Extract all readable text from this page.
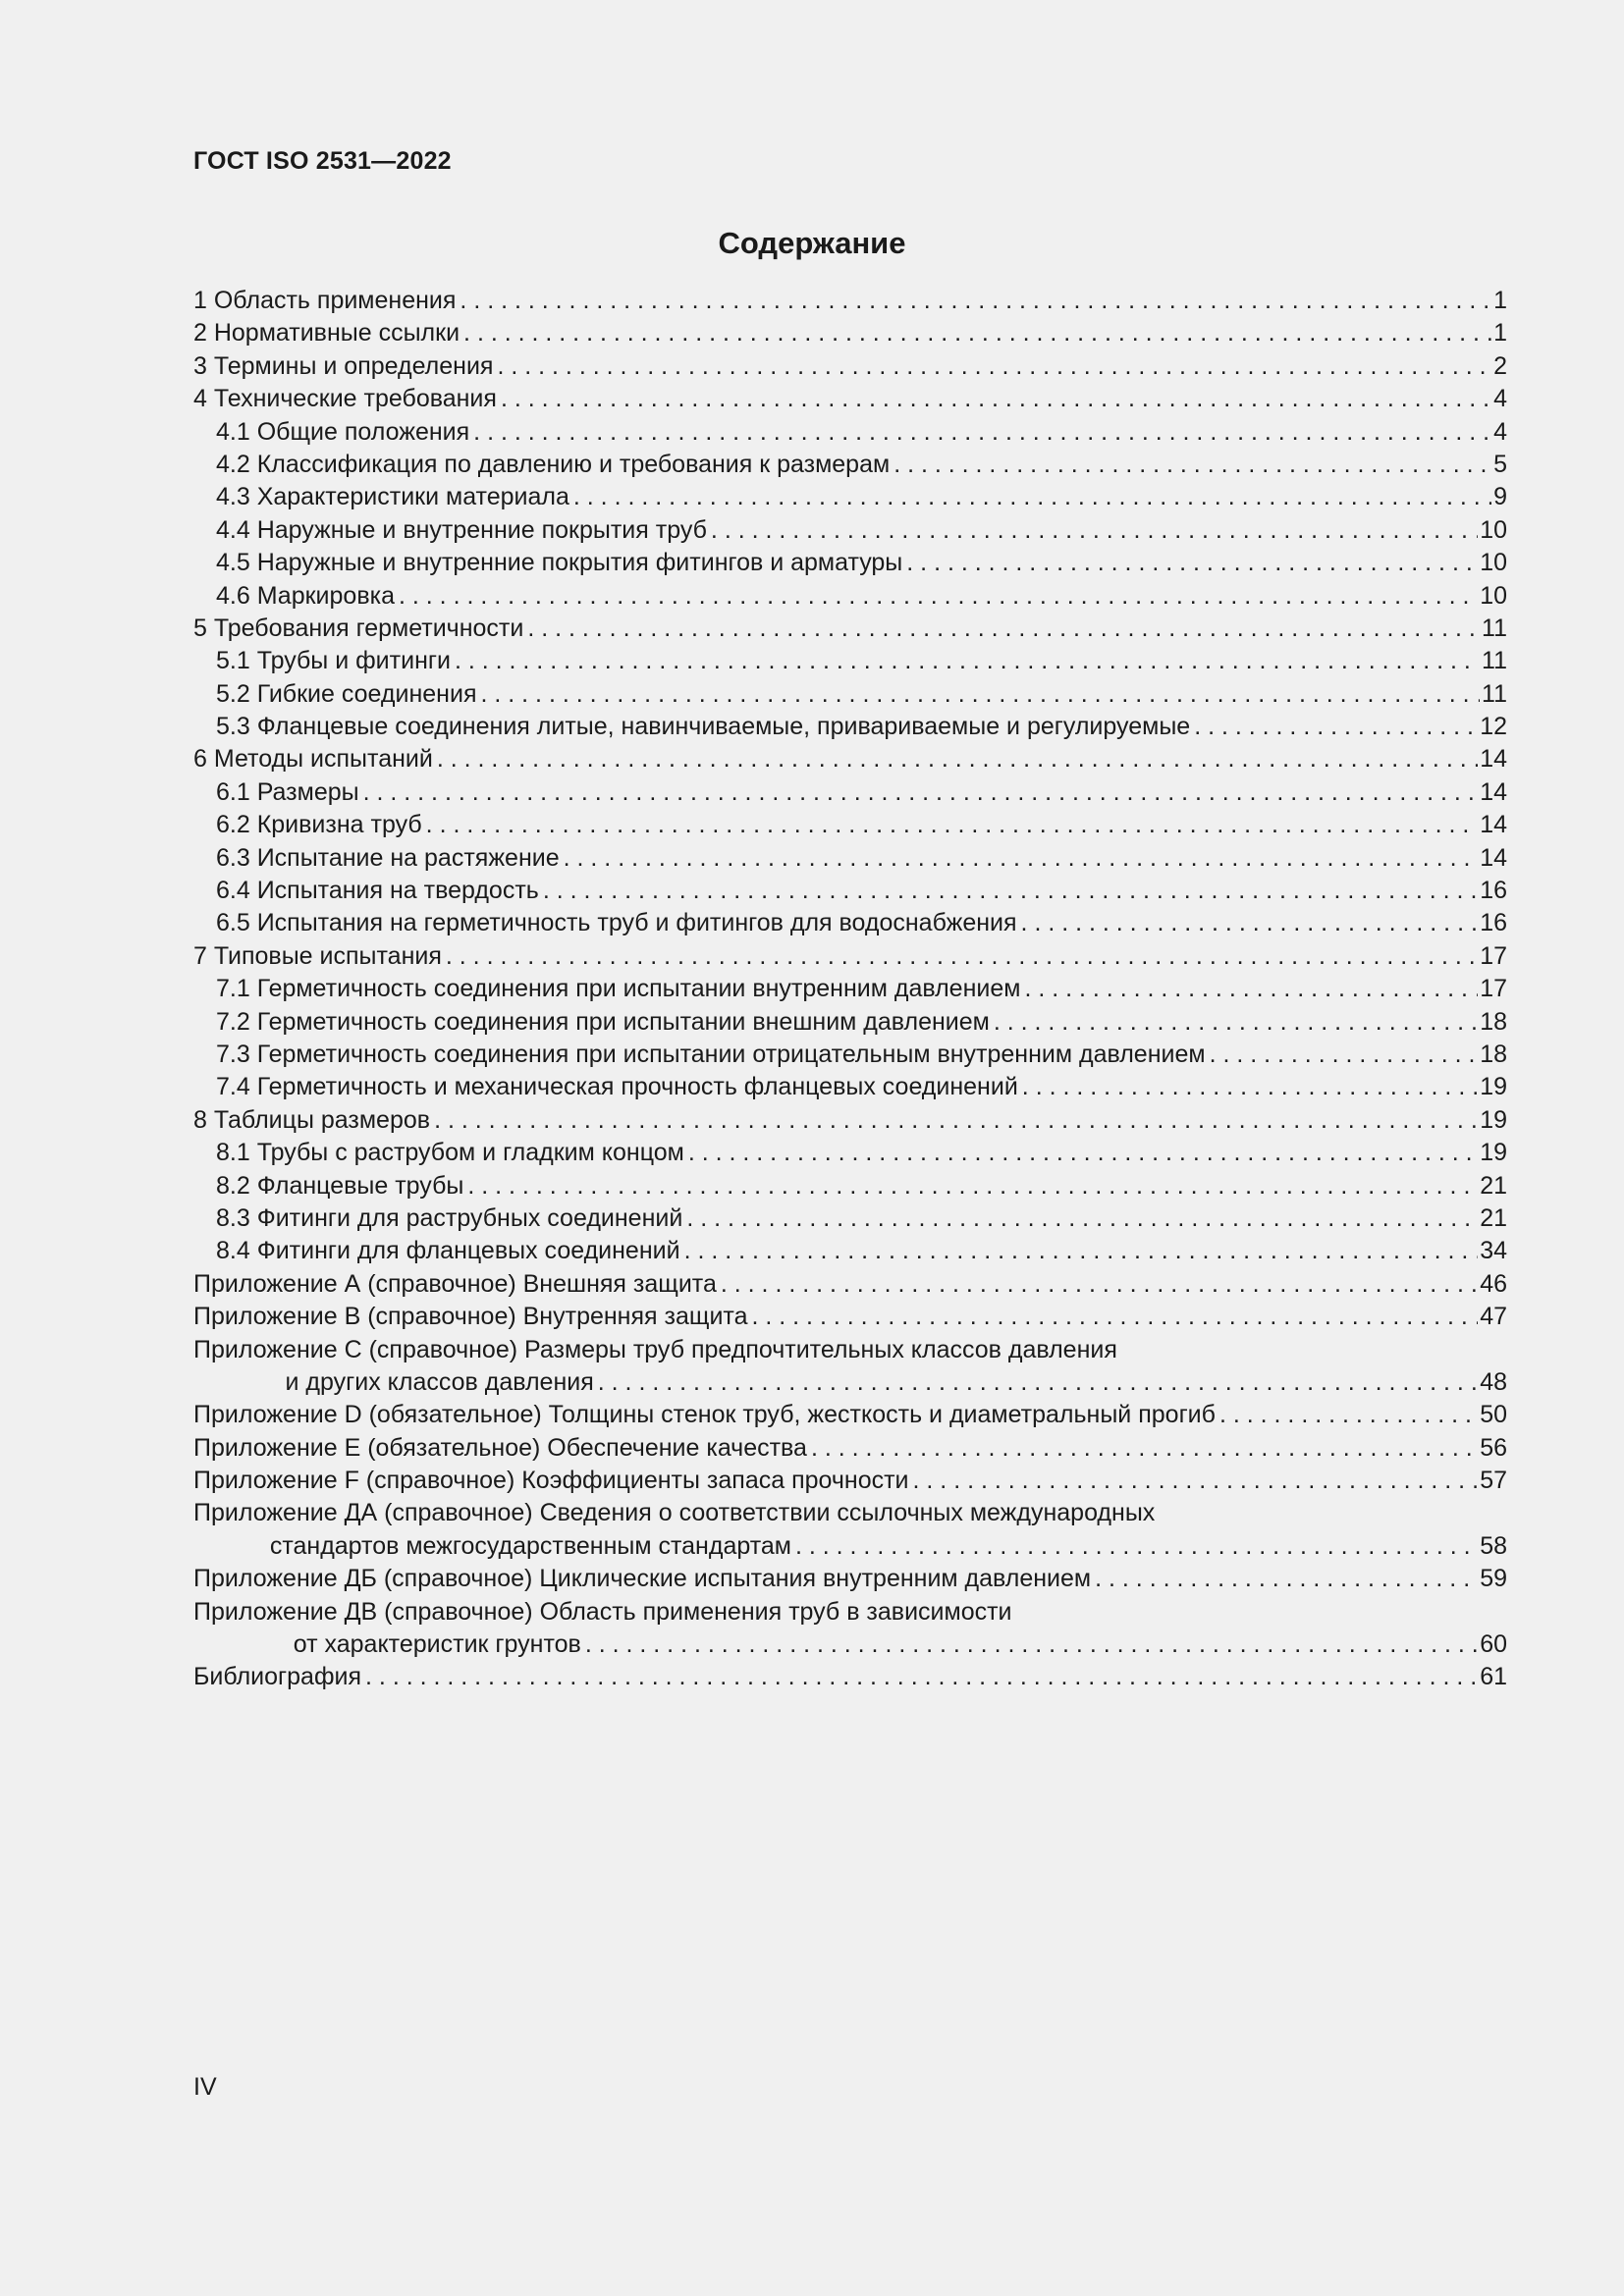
ГОСТ ISO 2531—2022
Содержание
1 Область применения . . .	1
2 Нормативные ссылки . . .	1
3 Термины и определения . . .	2
4 Технические требования . . .	4
4.1 Общие положения . . .	4
4.2 Классификация по давлению и требования к размерам . . .	5
4.3 Характеристики материала . . .	9
4.4 Наружные и внутренние покрытия труб . . .	10
4.5 Наружные и внутренние покрытия фитингов и арматуры . . .	10
4.6 Маркировка . . .	10
5 Требования герметичности . . .	11
5.1 Трубы и фитинги . . .	11
5.2 Гибкие соединения . . .	11
5.3 Фланцевые соединения литые, навинчиваемые, привариваемые и регулируемые . . .	12
6 Методы испытаний . . .	14
6.1 Размеры . . .	14
6.2 Кривизна труб . . .	14
6.3 Испытание на растяжение . . .	14
6.4 Испытания на твердость . . .	16
6.5 Испытания на герметичность труб и фитингов для водоснабжения . . .	16
7 Типовые испытания . . .	17
7.1 Герметичность соединения при испытании внутренним давлением . . .	17
7.2 Герметичность соединения при испытании внешним давлением . . .	18
7.3 Герметичность соединения при испытании отрицательным внутренним давлением . . .	18
7.4 Герметичность и механическая прочность фланцевых соединений . . .	19
8 Таблицы размеров . . .	19
8.1 Трубы с раструбом и гладким концом . . .	19
8.2 Фланцевые трубы . . .	21
8.3 Фитинги для раструбных соединений . . .	21
8.4 Фитинги для фланцевых соединений . . .	34
Приложение А (справочное) Внешняя защита . . .	46
Приложение В (справочное) Внутренняя защита . . .	47
Приложение С (справочное) Размеры труб предпочтительных классов давления
и других классов давления . . .	48
Приложение D (обязательное) Толщины стенок труб, жесткость и диаметральный прогиб . . .	50
Приложение Е (обязательное) Обеспечение качества . . .	56
Приложение F (справочное) Коэффициенты запаса прочности . . .	57
Приложение ДА (справочное) Сведения о соответствии ссылочных международных
стандартов межгосударственным стандартам . . .	58
Приложение ДБ (справочное) Циклические испытания внутренним давлением . . .	59
Приложение ДВ (справочное) Область применения труб в зависимости
от характеристик грунтов . . .	60
Библиография . . .	61
IV
